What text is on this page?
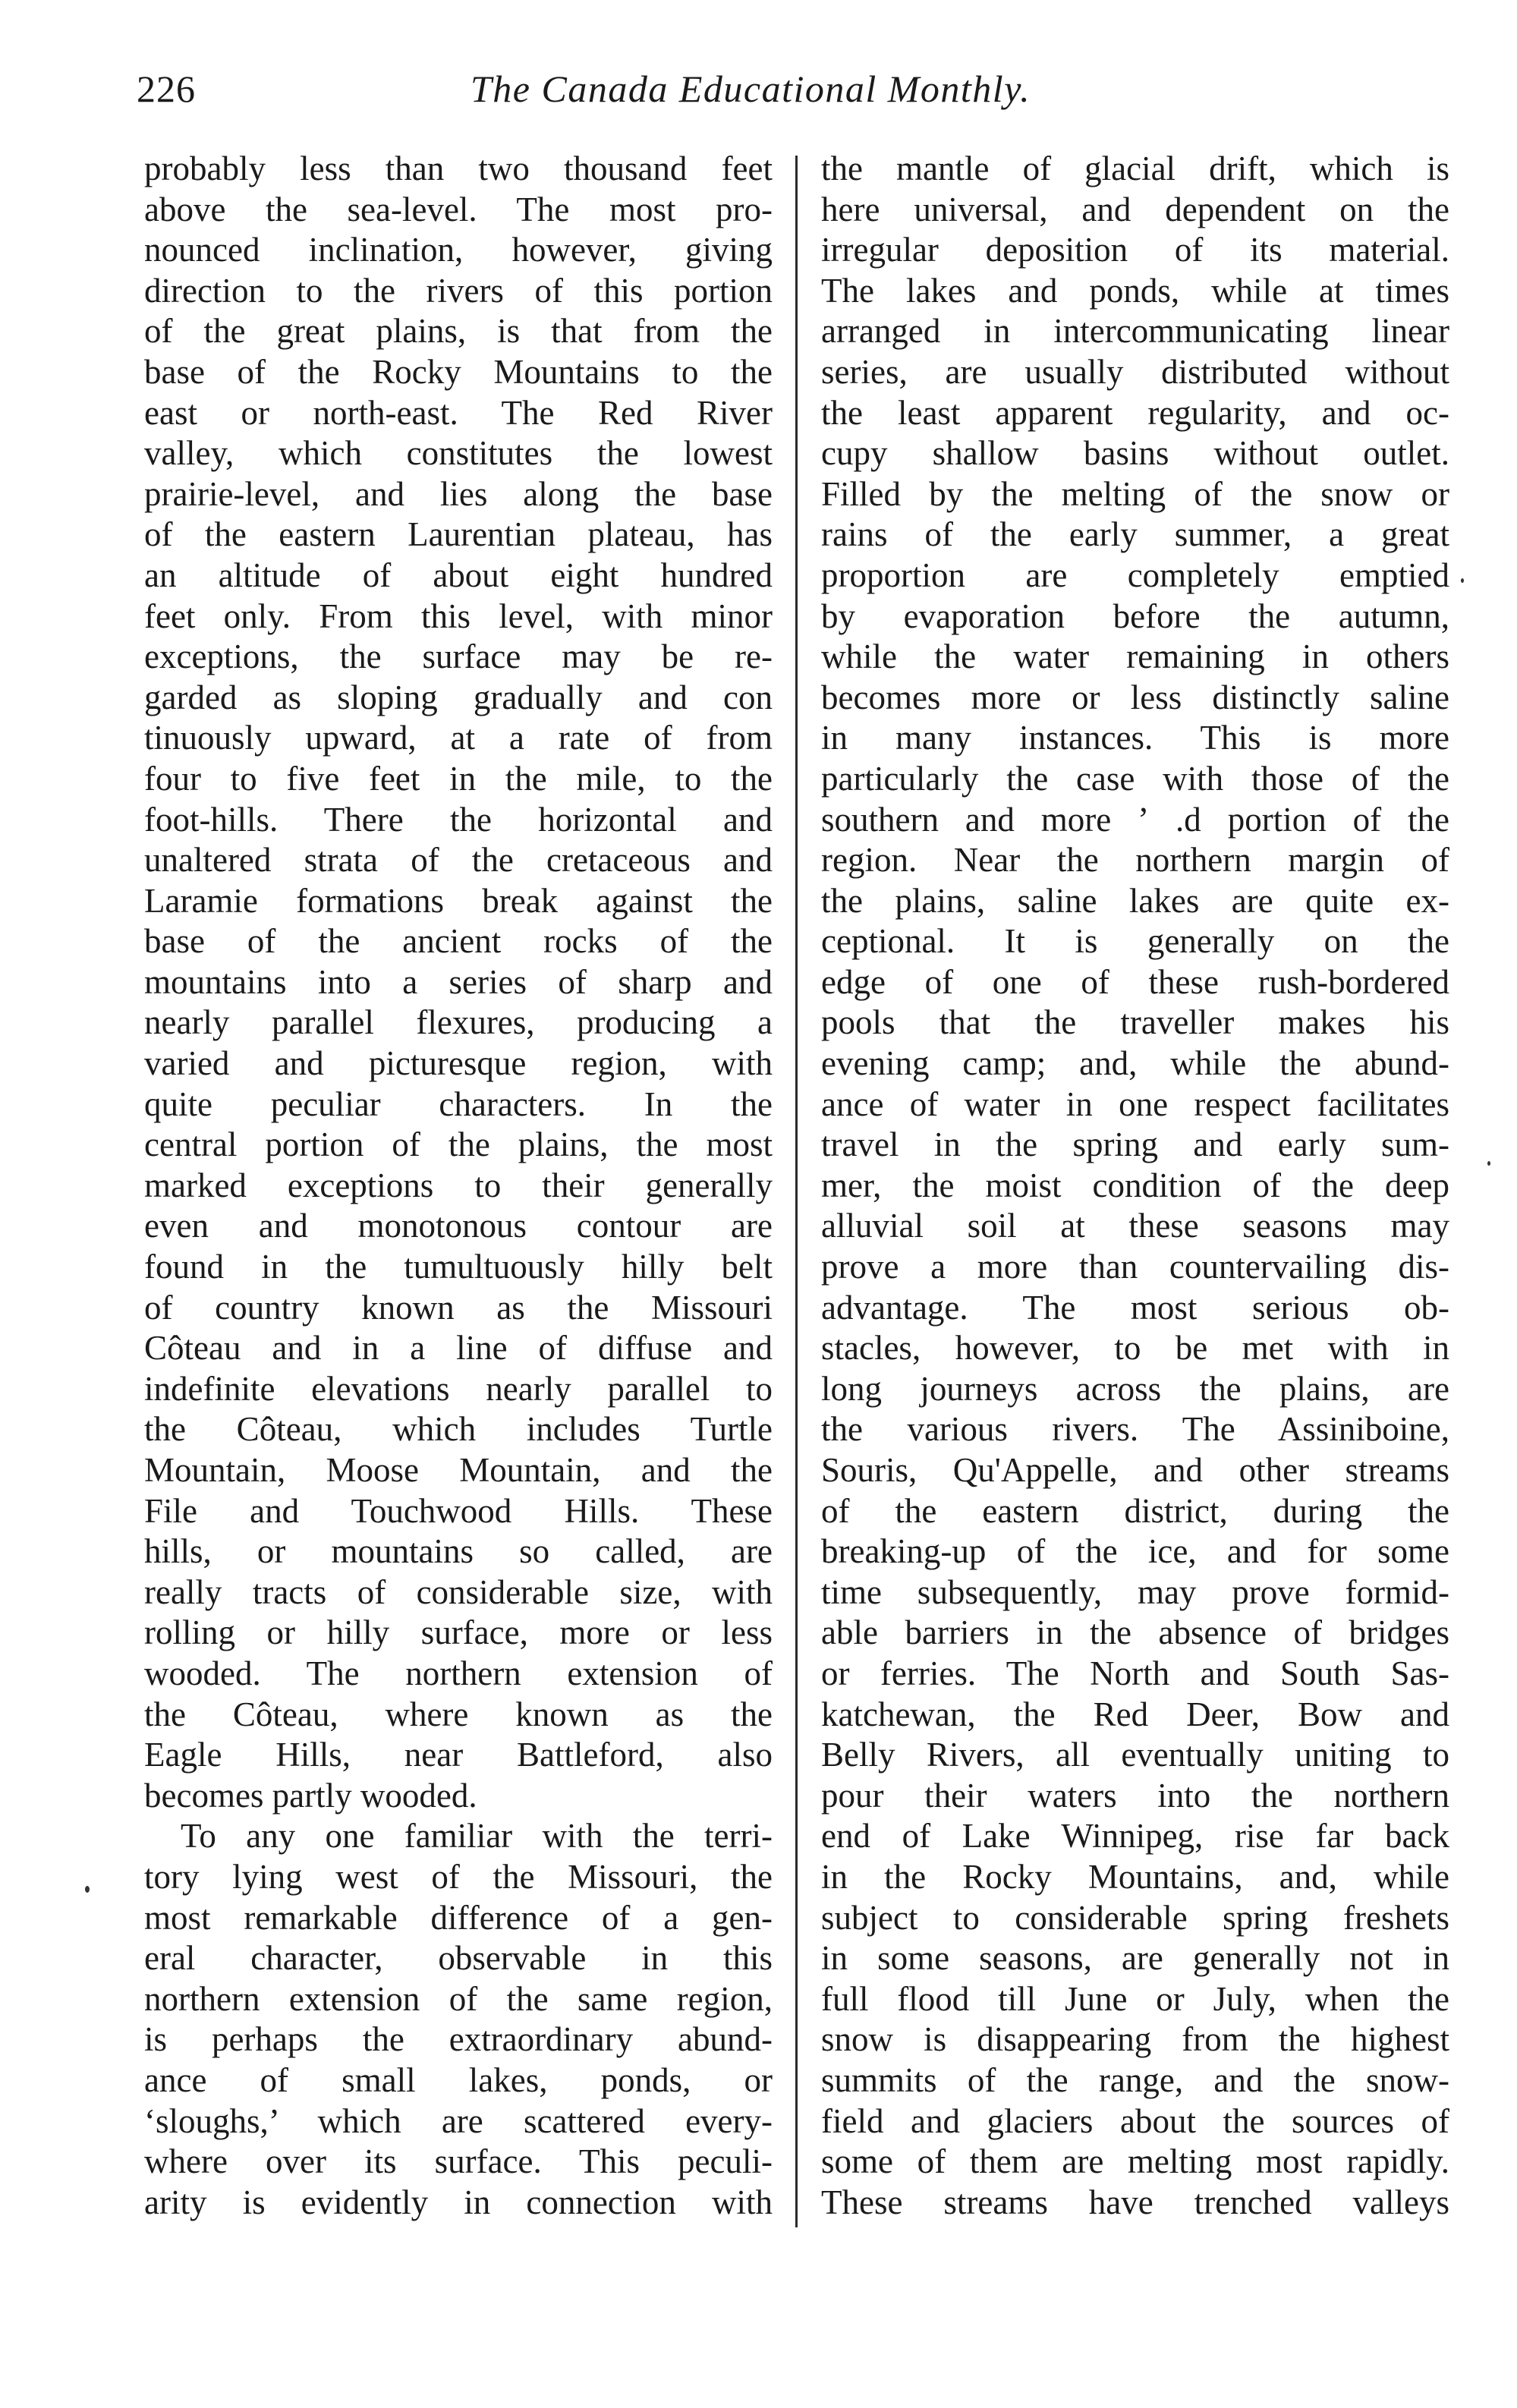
226	The Canada Educational Monthly.
probably less than two thousand feet
above the sea-level. The most pro-
nounced inclination, however, giving
direction to the rivers of this portion
of the great plains, is that from the
base of the Rocky Mountains to the
east or north-east. The Red River
valley, which constitutes the lowest
prairie-level, and lies along the base
of the eastern Laurentian plateau, has
an altitude of about eight hundred
feet only. From this level, with minor
exceptions, the surface may be re-
garded as sloping gradually and con
tinuously upward, at a rate of from
four to five feet in the mile, to the
foot-hills. There the horizontal and
unaltered strata of the cretaceous and
Laramie formations break against the
base of the ancient rocks of the
mountains into a series of sharp and
nearly parallel flexures, producing a
varied and picturesque region, with
quite peculiar characters. In the
central portion of the plains, the most
marked exceptions to their generally
even and monotonous contour are
found in the tumultuously hilly belt
of country known as the Missouri
Côteau and in a line of diffuse and
indefinite elevations nearly parallel to
the Côteau, which includes Turtle
Mountain, Moose Mountain, and the
File and Touchwood Hills. These
hills, or mountains so called, are
really tracts of considerable size, with
rolling or hilly surface, more or less
wooded. The northern extension of
the Côteau, where known as the
Eagle Hills, near Battleford, also
becomes partly wooded.
To any one familiar with the terri-
tory lying west of the Missouri, the
most remarkable difference of a gen-
eral character, observable in this
northern extension of the same region,
is perhaps the extraordinary abund-
ance of small lakes, ponds, or
‘sloughs,’ which are scattered every-
where over its surface. This peculi-
arity is evidently in connection with
the mantle of glacial drift, which is
here universal, and dependent on the
irregular deposition of its material.
The lakes and ponds, while at times
arranged in intercommunicating linear
series, are usually distributed without
the least apparent regularity, and oc-
cupy shallow basins without outlet.
Filled by the melting of the snow or
rains of the early summer, a great
proportion are completely emptied
by evaporation before the autumn,
while the water remaining in others
becomes more or less distinctly saline
in many instances. This is more
particularly the case with those of the
southern and more ʼ .d portion of the
region. Near the northern margin of
the plains, saline lakes are quite ex-
ceptional. It is generally on the
edge of one of these rush-bordered
pools that the traveller makes his
evening camp; and, while the abund-
ance of water in one respect facilitates
travel in the spring and early sum-
mer, the moist condition of the deep
alluvial soil at these seasons may
prove a more than countervailing dis-
advantage. The most serious ob-
stacles, however, to be met with in
long journeys across the plains, are
the various rivers. The Assiniboine,
Souris, Qu'Appelle, and other streams
of the eastern district, during the
breaking-up of the ice, and for some
time subsequently, may prove formid-
able barriers in the absence of bridges
or ferries. The North and South Sas-
katchewan, the Red Deer, Bow and
Belly Rivers, all eventually uniting to
pour their waters into the northern
end of Lake Winnipeg, rise far back
in the Rocky Mountains, and, while
subject to considerable spring freshets
in some seasons, are generally not in
full flood till June or July, when the
snow is disappearing from the highest
summits of the range, and the snow-
field and glaciers about the sources of
some of them are melting most rapidly.
These streams have trenched valleys
